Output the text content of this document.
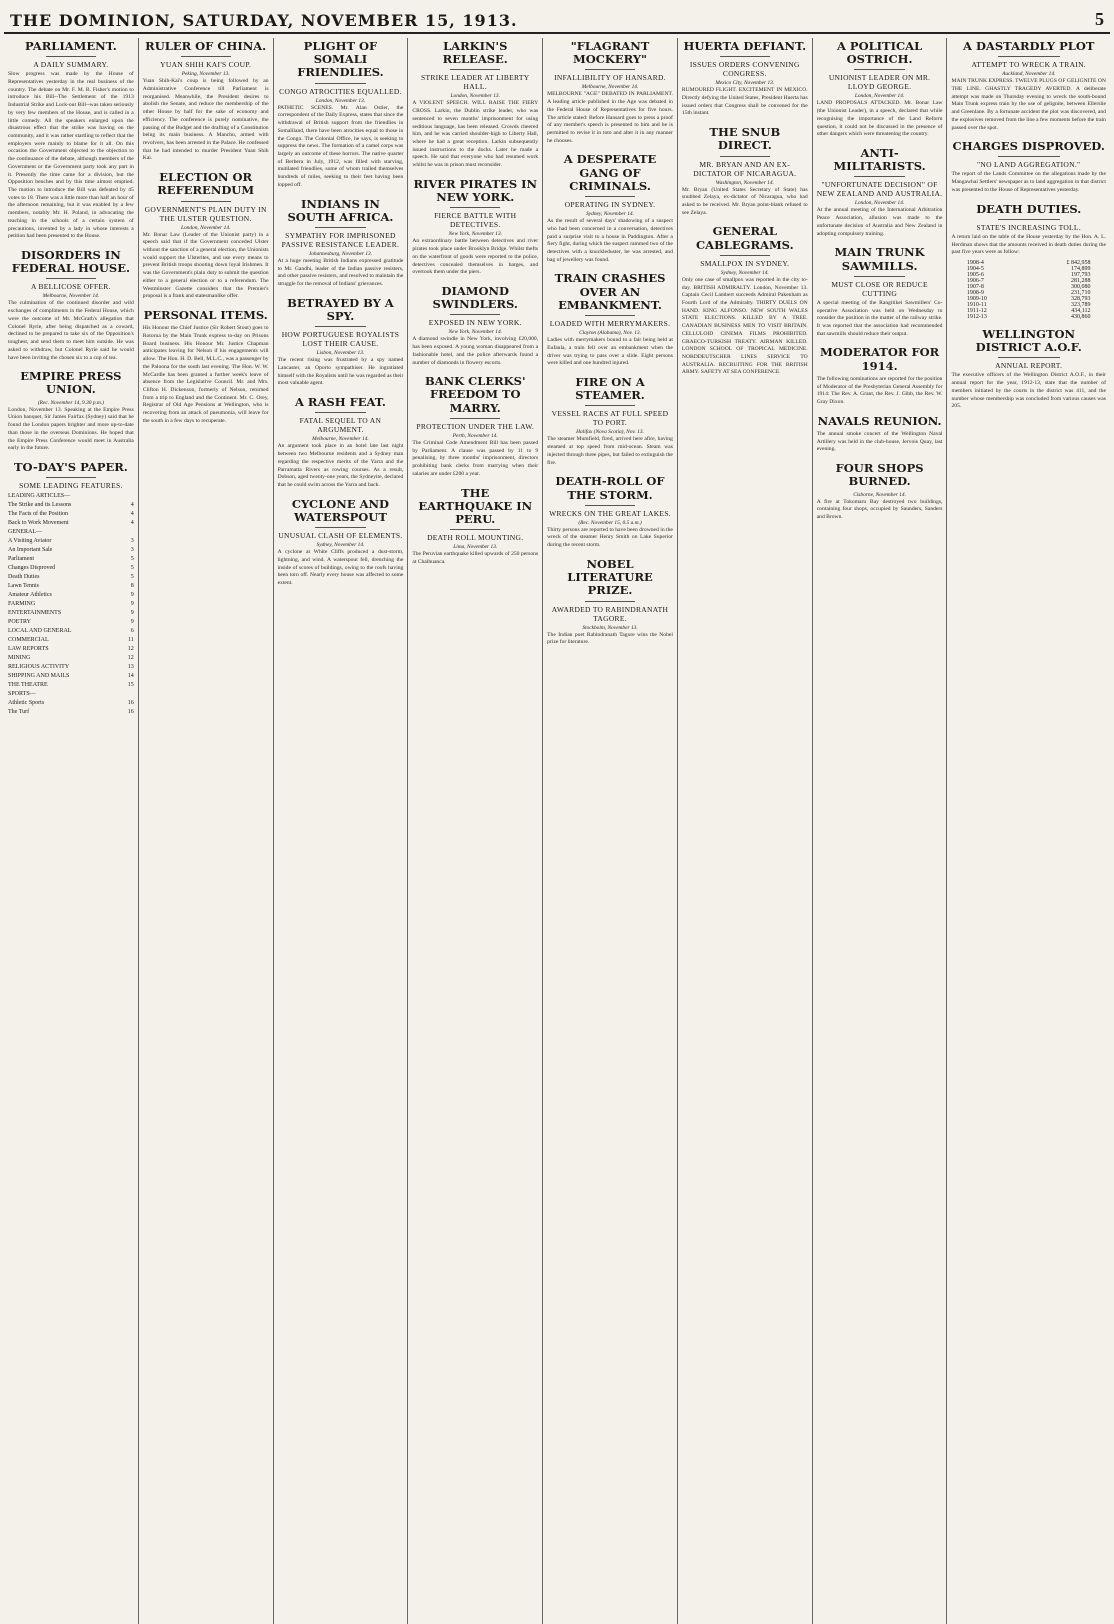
THE DOMINION, SATURDAY, NOVEMBER 15, 1913.	5
PARLIAMENT.
A DAILY SUMMARY.
Slow progress was made by the House of Representatives yesterday in the real business of the country. The debate on Mr. F. M. B. Fisher's motion to introduce his Bill--The Settlement of the 1913 Industrial Strike and Lock-out Bill--was taken seriously by very few members of the House, and is called in a little comedy. All the speakers enlarged upon the disastrous effect that the strike was having on the community, and it was rather startling to reflect that the employers were mainly to blame for it all. On this occasion the Government objected to the objection to the continuance of the debate, although members of the Government or the Government party took any part in it. Presently the time came for a division, but the Opposition benches and by this time almost emptied. The motion to introduce the Bill was defeated by 45 votes to 18. There was a little more than half an hour of the afternoon remaining, but it was enabled by a few members, notably Mr. H. Poland, in advocating the teaching in the schools of a certain system of precautions, invented by a lady in whose interests a petition had been presented to the House.
DISORDERS IN FEDERAL HOUSE.
A BELLICOSE OFFER.
Melbourne, November 14.
The culmination of the continued disorder and wild exchanges of compliments in the Federal House, which were the outcome of Mr. McGrath's allegation that Colonel Ryrie, after being dispatched as a coward, declined to be prepared to take six of the Opposition's toughest, and send them to meet him outside. He was asked to withdraw, but Colonel Ryrie said he would have been inviting the chosen six to a cup of tea.
EMPIRE PRESS UNION.
(Rec. November 14, 9.30 p.m.)
London, November 13. Speaking at the Empire Press Union banquet, Sir James Fairfax (Sydney) said that he found the London papers brighter and more up-to-date than those in the overseas Dominions. He hoped that the Empire Press Conference would meet in Australia early in the future.
TO-DAY'S PAPER.
SOME LEADING FEATURES.
LEADING ARTICLES—
The Strike and its Lessons	4
The Facts of the Position	4
Back to Work Movement	4
GENERAL—
A Visiting Aviator	3
An Important Sale	3
Parliament	5
Changes Disproved	5
Death Duties	5
Lawn Tennis	8
Amateur Athletics	9
FARMING	9
ENTERTAINMENTS	9
POETRY	9
LOCAL AND GENERAL	6
COMMERCIAL	11
LAW REPORTS	12
MINING	12
RELIGIOUS ACTIVITY	13
SHIPPING AND MAILS	14
THE THEATRE	15
SPORTS—
Athletic Sports	16
The Turf	16
RULER OF CHINA.
YUAN SHIH KAI'S COUP.
Peking, November 13.
Yuan Shih-Kai's coup is being followed by an Administrative Conference till Parliament is reorganised. Meanwhile, the President desires to abolish the Senate, and reduce the membership of the other House by half for the sake of economy and efficiency. The conference is purely nominative, the passing of the Budget and the drafting of a Constitution being its main business. A Manchu, armed with revolvers, has been arrested in the Palace. He confessed that he had intended to murder President Yuan Shih Kai.
ELECTION OR REFERENDUM
GOVERNMENT'S PLAIN DUTY IN THE ULSTER QUESTION.
London, November 14.
Mr. Bonar Law (Leader of the Unionist party) in a speech said that if the Government conceded Ulster without the sanction of a general election, the Unionists would support the Ulsterites, and use every means to prevent British troops shooting down loyal Irishmen. It was the Government's plain duty to submit the question either to a general election or to a referendum. The Westminster Gazette considers that the Premier's proposal is a frank and statesmanlike offer.
PERSONAL ITEMS.
His Honour the Chief Justice (Sir Robert Stout) goes to Rotorua by the Main Trunk express to-day on Prisons Board business. His Honour Mr. Justice Chapman anticipates leaving for Nelson if his engagements will allow. The Hon. H. D. Bell, M.L.C., was a passenger by the Paloona for the south last evening. The Hon. W. W. McCardle has been granted a further week's leave of absence from the Legislative Council. Mr. and Mrs. Clifton H. Dickenson, formerly of Nelson, returned from a trip to England and the Continent. Mr. C. Orey, Registrar of Old Age Pensions at Wellington, who is recovering from an attack of pneumonia, will leave for the south in a few days to recuperate.
PLIGHT OF SOMALI FRIENDLIES.
CONGO ATROCITIES EQUALLED.
London, November 13.
PATHETIC SCENES. Mr. Alan Ostler, the correspondent of the Daily Express, states that since the withdrawal of British support from the friendlies in Somaliland, there have been atrocities equal to those in the Congo. The Colonial Office, he says, is seeking to suppress the news. The formation of a camel corps was largely an outcome of these horrors. The native quarter of Berbera in July, 1912, was filled with starving, mutilated friendlies, some of whom trailed themselves hundreds of miles, seeking to their feet having been lopped off.
INDIANS IN SOUTH AFRICA.
SYMPATHY FOR IMPRISONED PASSIVE RESISTANCE LEADER.
Johannesburg, November 13.
At a huge meeting British Indians expressed gratitude to Mr. Gandhi, leader of the Indian passive resisters, and other passive resisters, and resolved to maintain the struggle for the removal of Indians' grievances.
BETRAYED BY A SPY.
HOW PORTUGUESE ROYALISTS LOST THEIR CAUSE.
Lisbon, November 13.
The recent rising was frustrated by a spy named Lancaster, an Oporto sympathiser. He ingratiated himself with the Royalists until he was regarded as their most valuable agent.
A RASH FEAT.
FATAL SEQUEL TO AN ARGUMENT.
Melbourne, November 14.
An argument took place in an hotel late last night between two Melbourne residents and a Sydney man regarding the respective merits of the Yarra and the Parramatta Rivers as rowing courses. As a result, Dobson, aged twenty-one years, the Sydneyite, declared that he could swim across the Yarra and back.
CYCLONE AND WATERSPOUT
UNUSUAL CLASH OF ELEMENTS.
Sydney, November 14.
A cyclone at White Cliffs produced a dust-storm, lightning, and wind. A waterspout fell, drenching the inside of scores of buildings, owing to the roofs having been torn off. Nearly every house was affected to some extent.
LARKIN'S RELEASE.
STRIKE LEADER AT LIBERTY HALL.
London, November 13.
A VIOLENT SPEECH. WILL RAISE THE FIERY CROSS. Larkin, the Dublin strike leader, who was sentenced to seven months' imprisonment for using seditious language, has been released. Crowds cheered him, and he was carried shoulder-high to Liberty Hall, where he had a great reception. Larkin subsequently issued instructions to the docks. Later he made a speech. He said that everyone who had resumed work whilst he was in prison must reconsider.
RIVER PIRATES IN NEW YORK.
FIERCE BATTLE WITH DETECTIVES.
New York, November 13.
An extraordinary battle between detectives and river pirates took place under Brooklyn Bridge. Whilst thefts on the waterfront of goods were reported to the police, detectives concealed themselves in barges, and overtook them under the piers.
DIAMOND SWINDLERS.
EXPOSED IN NEW YORK.
New York, November 14.
A diamond swindle in New York, involving £20,000, has been exposed. A young woman disappeared from a fashionable hotel, and the police afterwards found a number of diamonds in flowery escorts.
BANK CLERKS' FREEDOM TO MARRY.
PROTECTION UNDER THE LAW.
Perth, November 14.
The Criminal Code Amendment Bill has been passed by Parliament. A clause was passed by 11 to 9 penalising, by three months' imprisonment, directors prohibiting bank clerks from marrying when their salaries are under £200 a year.
THE EARTHQUAKE IN PERU.
DEATH ROLL MOUNTING.
Lima, November 13.
The Peruvian earthquake killed upwards of 250 persons at Chalhuanca.
"FLAGRANT MOCKERY"
INFALLIBILITY OF HANSARD.
Melbourne, November 14.
MELBOURNE "AGE" DEBATED IN PARLIAMENT. A leading article published in the Age was debated in the Federal House of Representatives for five hours. The article stated: Before Hansard goes to press a proof of any member's speech is presented to him and he is permitted to revise it in toto and alter it in any manner he chooses.
A DESPERATE GANG OF CRIMINALS.
OPERATING IN SYDNEY.
Sydney, November 14.
As the result of several days' shadowing of a suspect who had been concerned in a conversation, detectives paid a surprise visit to a house in Paddington. After a fiery fight, during which the suspect rammed two of the detectives with a knuckleduster, he was arrested, and bag of jewellery was found.
TRAIN CRASHES OVER AN EMBANKMENT.
LOADED WITH MERRYMAKERS.
Clayton (Alabama), Nov. 13.
Ladies with merrymakers bound to a fair being held at Eufaula, a train fell over an embankment when the driver was trying to pass over a slide. Eight persons were killed and one hundred injured.
FIRE ON A STEAMER.
VESSEL RACES AT FULL SPEED TO PORT.
Halifax (Nova Scotia), Nov. 13.
The steamer Mumfield, fired, arrived here afire, having steamed at top speed from mid-ocean. Steam was injected through three pipes, but failed to extinguish the fire.
DEATH-ROLL OF THE STORM.
WRECKS ON THE GREAT LAKES.
(Rec. November 15, 0.5 a.m.)
Thirty persons are reported to have been drowned in the wreck of the steamer Henry Smith on Lake Superior during the recent storm.
NOBEL LITERATURE PRIZE.
AWARDED TO RABINDRANATH TAGORE.
Stockholm, November 13.
The Indian poet Rabindranath Tagore wins the Nobel prize for literature.
HUERTA DEFIANT.
ISSUES ORDERS CONVENING CONGRESS.
Mexico City, November 13.
RUMOURED FLIGHT. EXCITEMENT IN MEXICO. Directly defying the United States, President Huerta has issued orders that Congress shall be convened for the 15th instant.
THE SNUB DIRECT.
MR. BRYAN AND AN EX-DICTATOR OF NICARAGUA.
Washington, November 14.
Mr. Bryan (United States Secretary of State) has snubbed Zelaya, ex-dictator of Nicaragua, who had asked to be received. Mr. Bryan point-blank refused to see Zelaya.
GENERAL CABLEGRAMS.
SMALLPOX IN SYDNEY.
Sydney, November 14.
Only one case of smallpox was reported in the city to-day. BRITISH ADMIRALTY. London, November 13. Captain Cecil Lambert succeeds Admiral Pakenham as Fourth Lord of the Admiralty. THIRTY DUELS ON HAND. KING ALFONSO. NEW SOUTH WALES STATE ELECTIONS. KILLED BY A TREE. CANADIAN BUSINESS MEN TO VISIT BRITAIN. CELLULOID CINEMA FILMS PROHIBITED. GRAECO-TURKISH TREATY. AIRMAN KILLED. LONDON SCHOOL OF TROPICAL MEDICINE. NORDDEUTSCHER LINES SERVICE TO AUSTRALIA. RECRUITING FOR THE BRITISH ARMY. SAFETY AT SEA CONFERENCE.
A POLITICAL OSTRICH.
UNIONIST LEADER ON MR. LLOYD GEORGE.
London, November 14.
LAND PROPOSALS ATTACKED. Mr. Bonar Law (the Unionist Leader), in a speech, declared that while recognising the importance of the Land Reform question, it could not be discussed in the presence of other dangers which were threatening the country.
ANTI-MILITARISTS.
"UNFORTUNATE DECISION" OF NEW ZEALAND AND AUSTRALIA.
London, November 14.
At the annual meeting of the International Arbitration Peace Association, allusion was made to the unfortunate decision of Australia and New Zealand in adopting compulsory training.
MAIN TRUNK SAWMILLS.
MUST CLOSE OR REDUCE CUTTING
A special meeting of the Rangitikei Sawmillers' Co-operative Association was held on Wednesday to consider the position in the matter of the railway strike. It was reported that the association had recommended that sawmills should reduce their output.
MODERATOR FOR 1914.
The following nominations are reported for the position of Moderator of the Presbyterian General Assembly for 1914: The Rev. A. Grant, the Rev. J. Gibb, the Rev. W. Gray Dixon.
NAVALS REUNION.
The annual smoke concert of the Wellington Naval Artillery was held in the club-house, Jervois Quay, last evening.
FOUR SHOPS BURNED.
Cisborne, November 14.
A fire at Tokomaru Bay destroyed two buildings, containing four shops, occupied by Saunders, Sanders and Brown.
A DASTARDLY PLOT
ATTEMPT TO WRECK A TRAIN.
Auckland, November 14.
MAIN TRUNK EXPRESS. TWELVE PLUGS OF GELIGNITE ON THE LINE. GHASTLY TRAGEDY AVERTED. A deliberate attempt was made on Thursday evening to wreck the south-bound Main Trunk express train by the use of gelignite, between Ellerslie and Greenlane. By a fortunate accident the plot was discovered, and the explosives removed from the line a few moments before the train passed over the spot.
CHARGES DISPROVED.
"NO LAND AGGREGATION."
The report of the Lands Committee on the allegations made by the Mangawhai Settlers' newspaper as to land aggregation in that district was presented to the House of Representatives yesterday.
DEATH DUTIES.
STATE'S INCREASING TOLL.
A return laid on the table of the House yesterday by the Hon. A. L. Herdman shows that the amounts received in death duties during the past five years were as follow:
1908-4	£ 842,958
1904-5	174,899
1905-6	197,793
1906-7	281,288
1907-8	300,080
1908-9	231,710
1909-10	328,793
1910-11	323,789
1911-12	434,112
1912-13	430,860
WELLINGTON DISTRICT A.O.F.
ANNUAL REPORT.
The executive officers of the Wellington District A.O.F., in their annual report for the year, 1912-13, state that the number of members initiated by the courts in the district was 411, and the number whose membership was concluded from various causes was 205.
